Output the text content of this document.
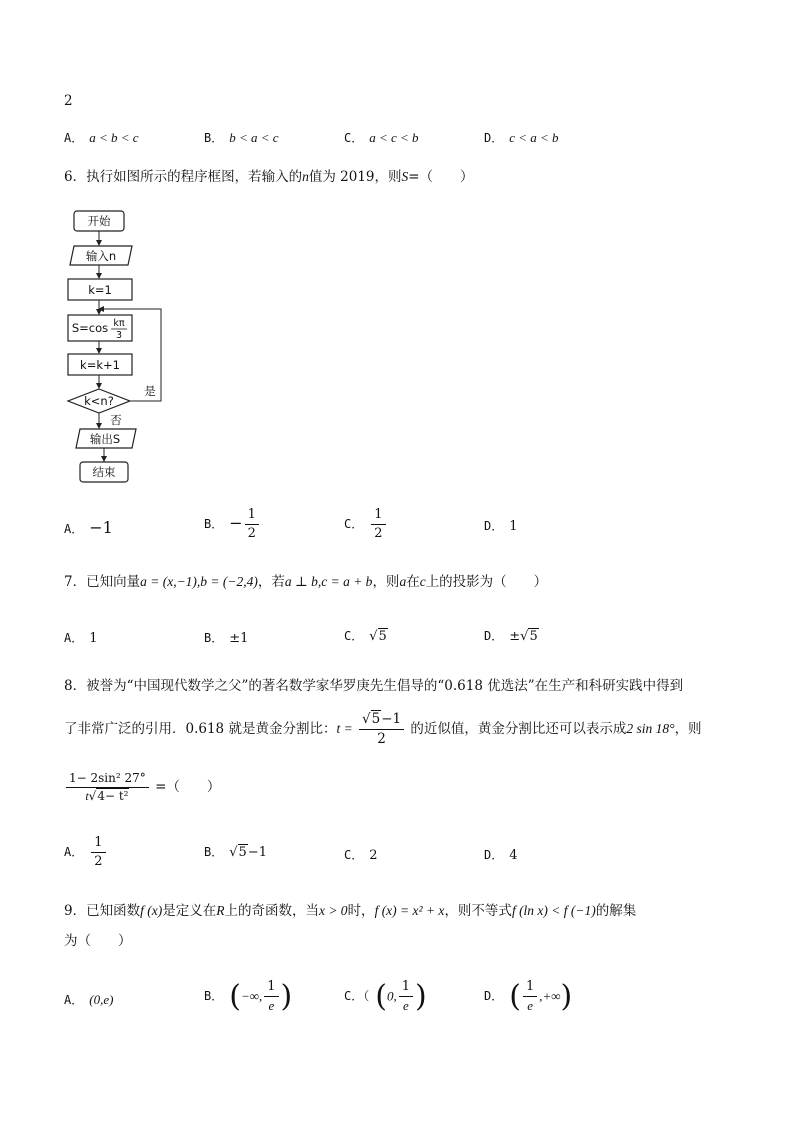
2
A． a < b < c	B． b < a < c	C． a < c < b	D． c < a < b
6．执行如图所示的程序框图，若输入的n值为 2019，则S=（　　）
开始
输入n
k=1
S=cos kπ
3
k=k+1
k<n?
是
否
输出S
结束
A． −1	B． − $\frac{1}{2}$	C． $\frac{1}{2}$	D． 1
7．已知向量a = (x,−1),b = (−2,4)，若a ⊥ b,c = a + b，则a在c上的投影为（　　）
A． 1	B． ±1	C． √5	D． ±√5
8．被誉为“中国现代数学之父”的著名数学家华罗庚先生倡导的“0.618 优选法”在生产和科研实践中得到
了非常广泛的引用．0.618 就是黄金分割比：$t = \frac{√5-1}{2}$ 的近似值，黄金分割比还可以表示成2 sin 18°，则
$\frac{\text{1− 2sin² 27°}}{\text{t√4− t²}}$ =（　　）
A． $\frac{1}{2}$	B． √5−1	C． 2	D． 4
9．已知函数f (x)是定义在R上的奇函数，当x > 0时，f (x) = x² + x，则不等式f (ln x) < f (−1)的解集
为（　　）
A． (0,e)	B． (−∞, $\frac{1}{e}$ )	C．（ (0, $\frac{1}{e}$ )	D． ( $\frac{1}{e}$ ,+∞)
